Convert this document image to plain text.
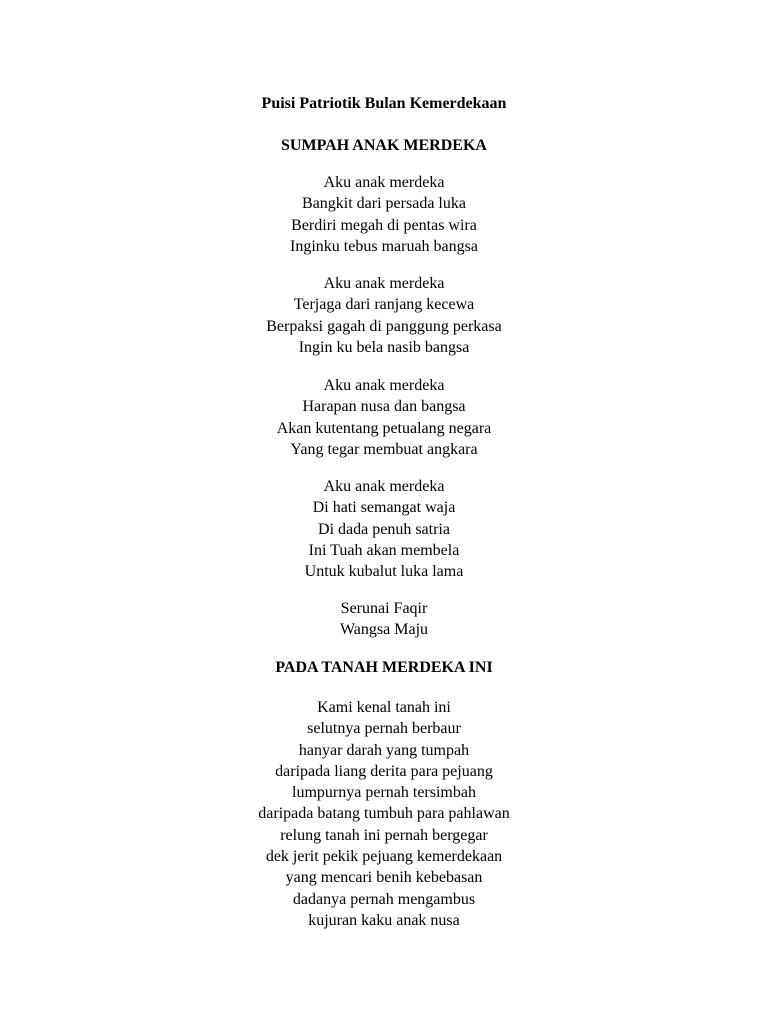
Puisi Patriotik Bulan Kemerdekaan
SUMPAH ANAK MERDEKA
Aku anak merdeka
Bangkit dari persada luka
Berdiri megah di pentas wira
Inginku tebus maruah bangsa
Aku anak merdeka
Terjaga dari ranjang kecewa
Berpaksi gagah di panggung perkasa
Ingin ku bela nasib bangsa
Aku anak merdeka
Harapan nusa dan bangsa
Akan kutentang petualang negara
Yang tegar membuat angkara
Aku anak merdeka
Di hati semangat waja
Di dada penuh satria
Ini Tuah akan membela
Untuk kubalut luka lama
Serunai Faqir
Wangsa Maju
PADA TANAH MERDEKA INI
Kami kenal tanah ini
selutnya pernah berbaur
hanyar darah yang tumpah
daripada liang derita para pejuang
lumpurnya pernah tersimbah
daripada batang tumbuh para pahlawan
relung tanah ini pernah bergegar
dek jerit pekik pejuang kemerdekaan
yang mencari benih kebebasan
dadanya pernah mengambus
kujuran kaku anak nusa
